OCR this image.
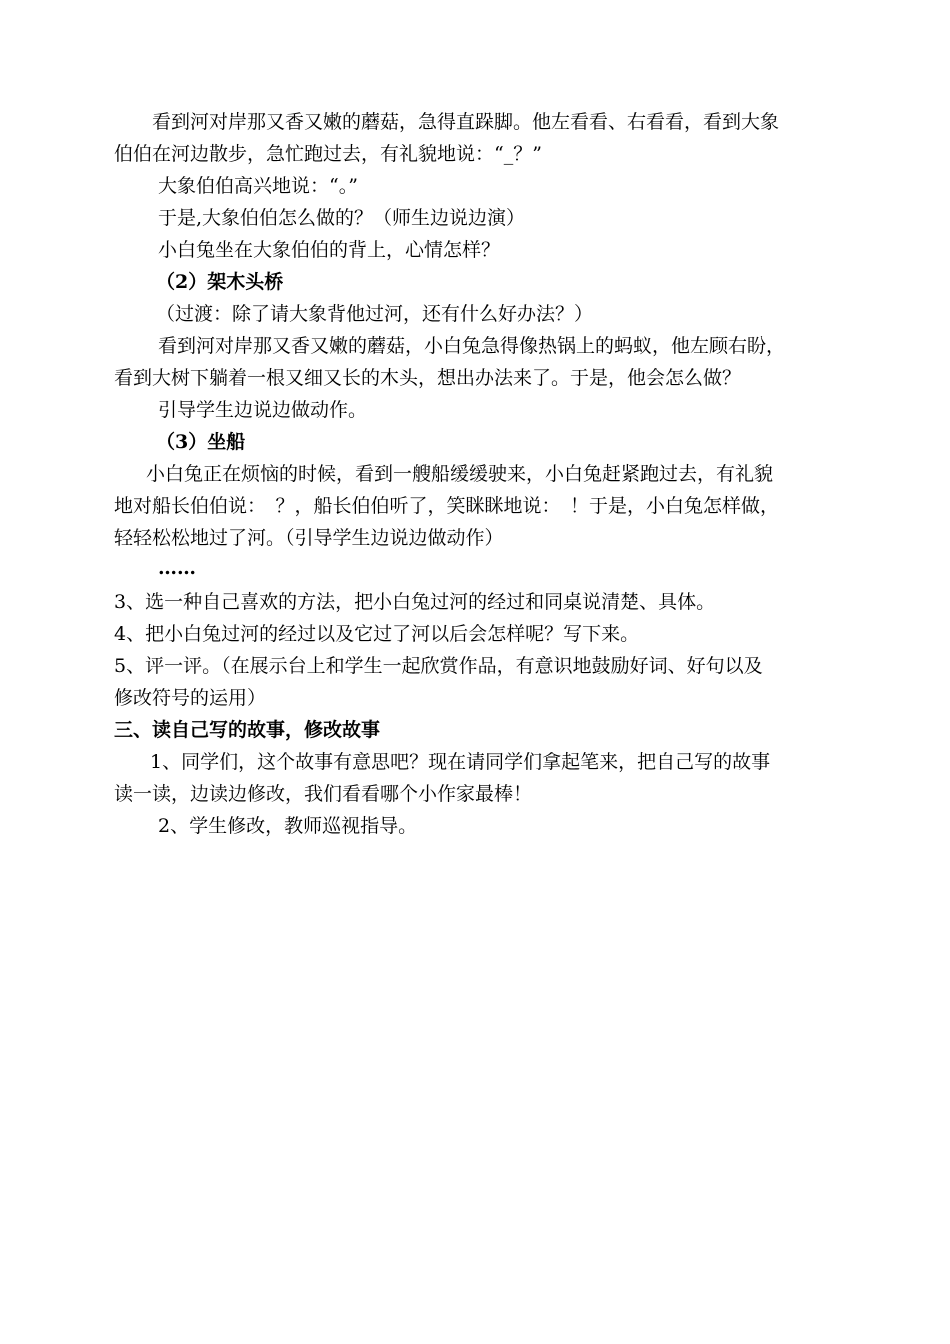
看到河对岸那又香又嫩的蘑菇，急得直跺脚。他左看看、右看看，看到大象
伯伯在河边散步，急忙跑过去，有礼貌地说：“_？”
大象伯伯高兴地说：“。”
于是,大象伯伯怎么做的？（师生边说边演）
小白兔坐在大象伯伯的背上，心情怎样？
（2）架木头桥
（过渡：除了请大象背他过河，还有什么好办法？）
看到河对岸那又香又嫩的蘑菇，小白兔急得像热锅上的蚂蚁，他左顾右盼，
看到大树下躺着一根又细又长的木头，想出办法来了。于是，他会怎么做？
引导学生边说边做动作。
（3）坐船
小白兔正在烦恼的时候，看到一艘船缓缓驶来，小白兔赶紧跑过去，有礼貌
地对船长伯伯说：　？，船长伯伯听了，笑眯眯地说：　！于是，小白兔怎样做，
轻轻松松地过了河。（引导学生边说边做动作）
……
3、选一种自己喜欢的方法，把小白兔过河的经过和同桌说清楚、具体。
4、把小白兔过河的经过以及它过了河以后会怎样呢？写下来。
5、评一评。（在展示台上和学生一起欣赏作品，有意识地鼓励好词、好句以及
修改符号的运用）
三、读自己写的故事，修改故事
1、同学们，这个故事有意思吧？现在请同学们拿起笔来，把自己写的故事
读一读，边读边修改，我们看看哪个小作家最棒！
2、学生修改，教师巡视指导。
